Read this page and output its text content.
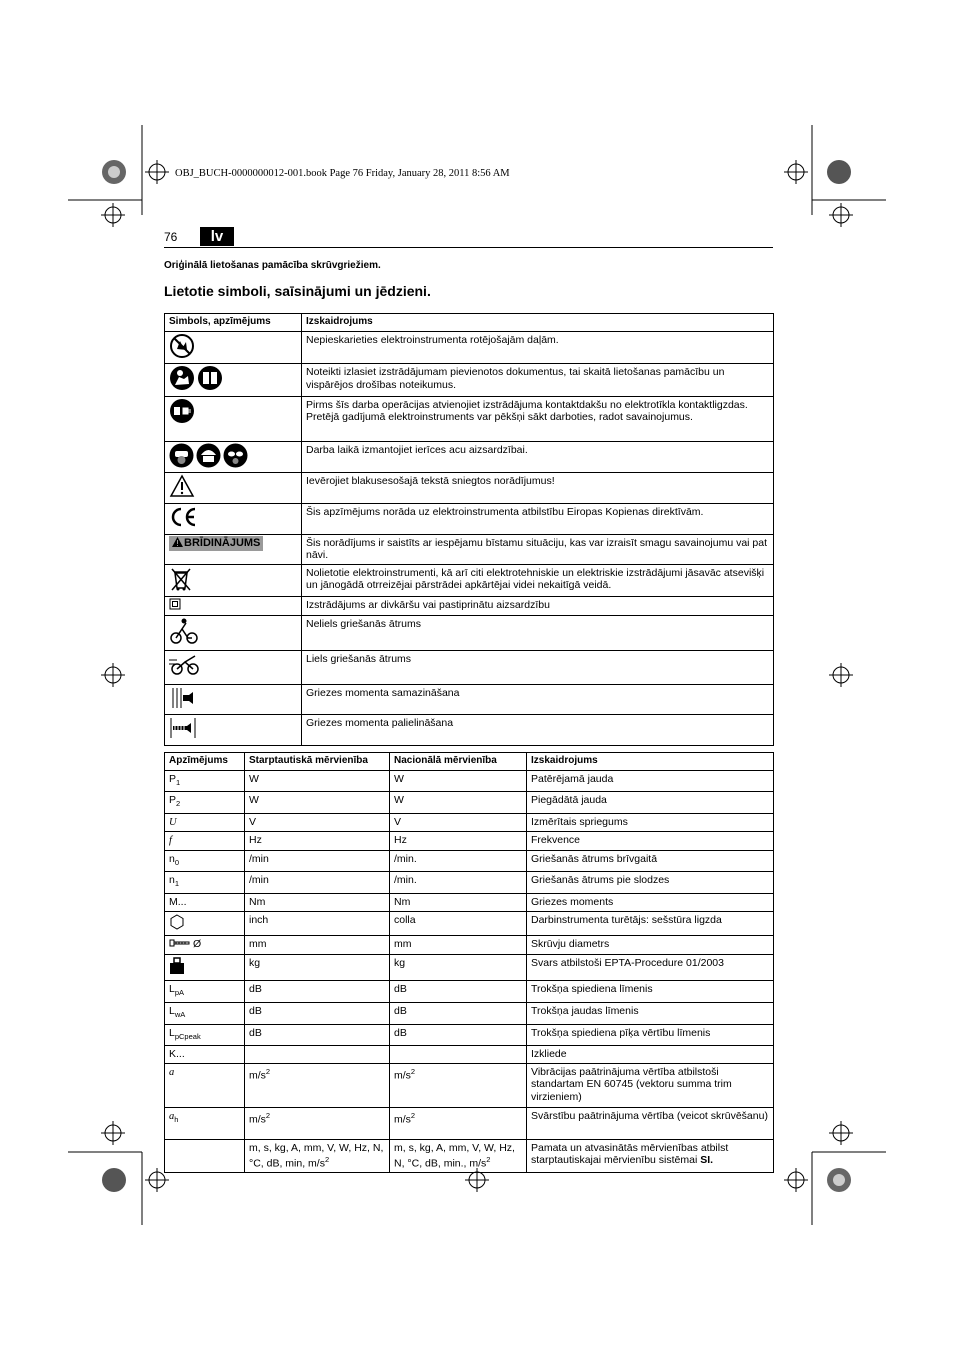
OBJ_BUCH-0000000012-001.book Page 76 Friday, January 28, 2011 8:56 AM
76	lv
Oriģinālā lietošanas pamācība skrūvgriežiem.
Lietotie simboli, saīsinājumi un jēdzieni.
Simbols, apzīmējums	Izskaidrojums
	Nepieskarieties elektroinstrumenta rotējošajām daļām.
	Noteikti izlasiet izstrādājumam pievienotos dokumentus, tai skaitā lietošanas pamācību un vispārējos drošības noteikumus.
	Pirms šīs darba operācijas atvienojiet izstrādājuma kontaktdakšu no elektrotīkla kontaktligzdas. Pretējā gadījumā elektroinstruments var pēkšņi sākt darboties, radot savainojumus.
	Darba laikā izmantojiet ierīces acu aizsardzībai.
	Ievērojiet blakusesošajā tekstā sniegtos norādījumus!
	Šis apzīmējums norāda uz elektroinstrumenta atbilstību Eiropas Kopienas direktīvām.
BRĪDINĀJUMS	Šis norādījums ir saistīts ar iespējamu bīstamu situāciju, kas var izraisīt smagu savainojumu vai pat nāvi.
	Nolietotie elektroinstrumenti, kā arī citi elektrotehniskie un elektriskie izstrādājumi jāsavāc atsevišķi un jānogādā otrreizējai pārstrādei apkārtējai videi nekaitīgā veidā.
	Izstrādājums ar divkāršu vai pastiprinātu aizsardzību
	Neliels griešanās ātrums
	Liels griešanās ātrums
	Griezes momenta samazināšana
	Griezes momenta palielināšana
Apzīmējums	Starptautiskā mērvienība	Nacionālā mērvienība	Izskaidrojums
$P_1$	W	W	Patērējamā jauda
$P_2$	W	W	Piegādātā jauda
U	V	V	Izmērītais spriegums
f	Hz	Hz	Frekvence
$n_0$	/min	/min.	Griešanās ātrums brīvgaitā
$n_1$	/min	/min.	Griešanās ātrums pie slodzes
M...	Nm	Nm	Griezes moments
	inch	colla	Darbinstrumenta turētājs: sešstūra ligzda
Ø	mm	mm	Skrūvju diametrs
	kg	kg	Svars atbilstoši EPTA-Procedure 01/2003
$L_{pA}$	dB	dB	Trokšņa spiediena līmenis
$L_{wA}$	dB	dB	Trokšņa jaudas līmenis
$L_{pCpeak}$	dB	dB	Trokšņa spiediena pīķa vērtību līmenis
K...			Izkliede
a	$m/s^2$	$m/s^2$	Vibrācijas paātrinājuma vērtība atbilstoši standartam EN 60745 (vektoru summa trim virzieniem)
$a_h$	$m/s^2$	$m/s^2$	Svārstību paātrinājuma vērtība (veicot skrūvēšanu)
	m, s, kg, A, mm, V, W, Hz, N, °C, dB, min, $m/s^2$	m, s, kg, A, mm, V, W, Hz, N, °C, dB, min., $m/s^2$	Pamata un atvasinātās mērvienības atbilst starptautiskajai mērvienību sistēmai SI.
